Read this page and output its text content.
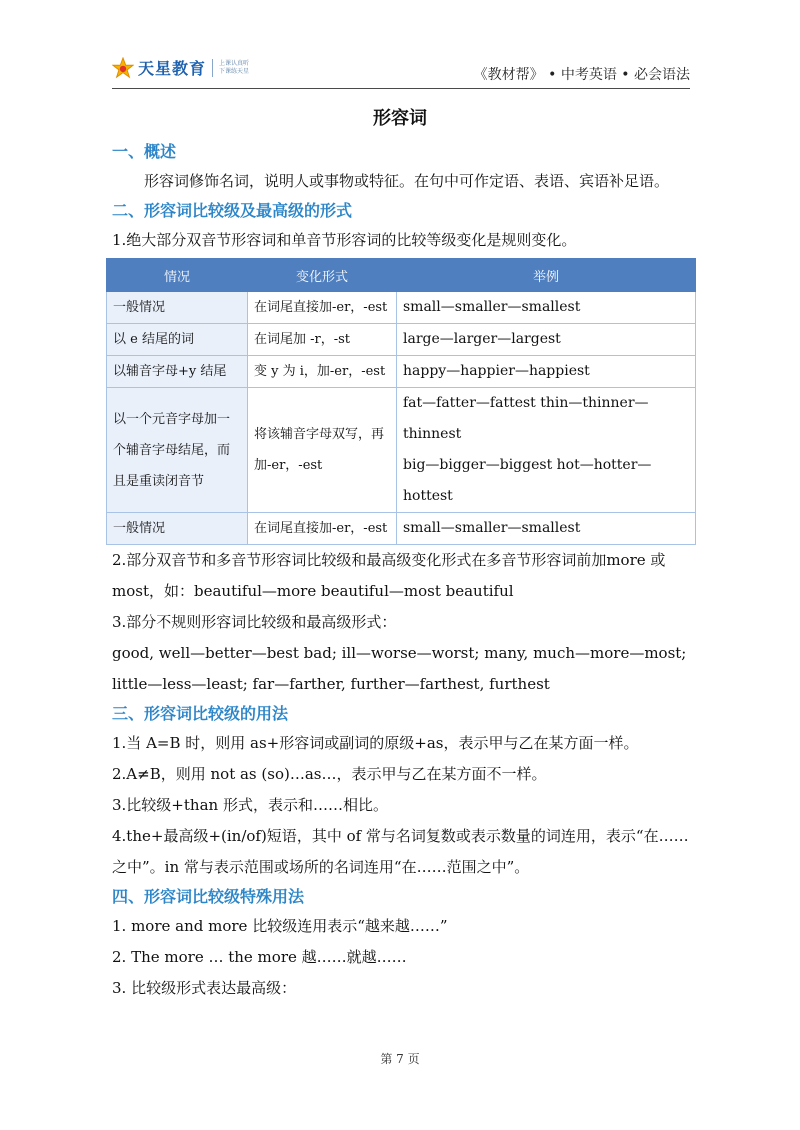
天星教育 上课认真听
下课练天星	《教材帮》 • 中考英语 • 必会语法
形容词
一、概述
形容词修饰名词，说明人或事物或特征。在句中可作定语、表语、宾语补足语。
二、形容词比较级及最高级的形式
1.绝大部分双音节形容词和单音节形容词的比较等级变化是规则变化。
情况	变化形式	举例
一般情况	在词尾直接加-er，-est	small—smaller—smallest
以 e 结尾的词	在词尾加 -r，-st	large—larger—largest
以辅音字母+y 结尾	变 y 为 i，加-er，-est	happy—happier—happiest
以一个元音字母加一个辅音字母结尾，而且是重读闭音节	将该辅音字母双写，再加-er，-est	fat—fatter—fattest thin—thinner—thinnest
big—bigger—biggest hot—hotter—hottest

一般情况	在词尾直接加-er，-est	small—smaller—smallest
2.部分双音节和多音节形容词比较级和最高级变化形式在多音节形容词前加more 或 most，如：beautiful—more beautiful—most beautiful
3.部分不规则形容词比较级和最高级形式：
good, well—better—best bad; ill—worse—worst; many, much—more—most; little—less—least; far—farther, further—farthest, furthest
三、形容词比较级的用法
1.当 A=B 时，则用 as+形容词或副词的原级+as，表示甲与乙在某方面一样。
2.A≠B，则用 not as (so)…as…，表示甲与乙在某方面不一样。
3.比较级+than 形式，表示和……相比。
4.the+最高级+(in/of)短语，其中 of 常与名词复数或表示数量的词连用，表示“在……之中”。in 常与表示范围或场所的名词连用“在……范围之中”。
四、形容词比较级特殊用法
1. more and more 比较级连用表示“越来越……”
2. The more … the more 越……就越……
3. 比较级形式表达最高级：
第 7 页
